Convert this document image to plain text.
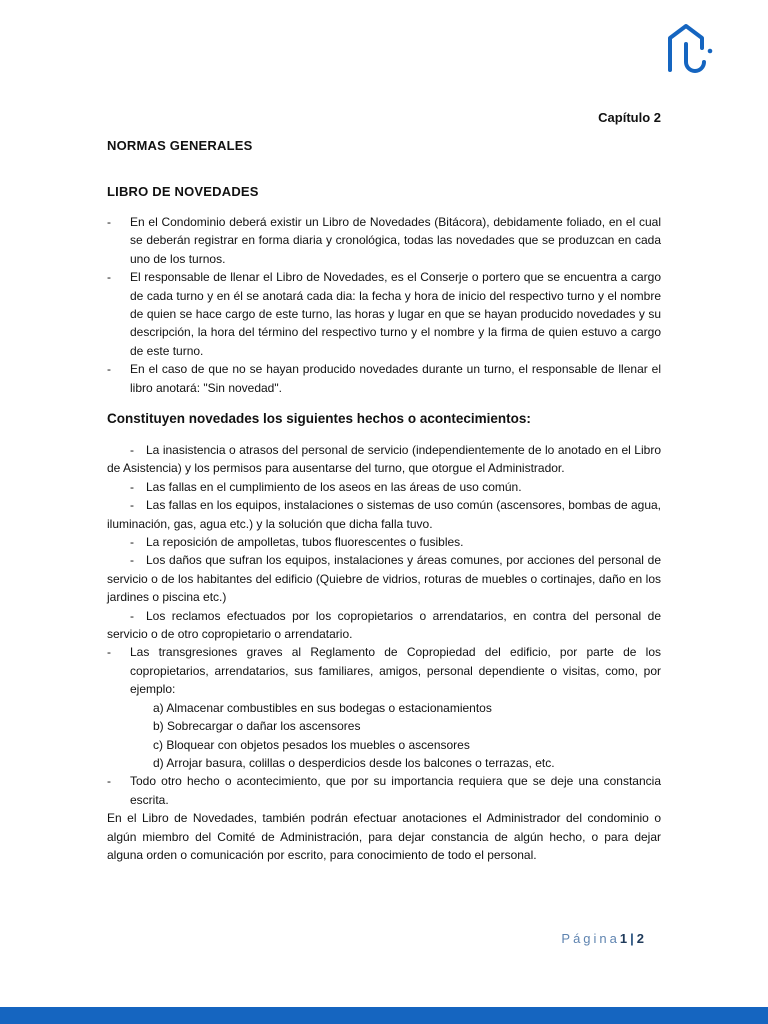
Capítulo 2
NORMAS GENERALES
LIBRO DE NOVEDADES
- En el Condominio deberá existir un Libro de Novedades (Bitácora), debidamente foliado, en el cual se deberán registrar en forma diaria y cronológica, todas las novedades que se produzcan en cada uno de los turnos.
- El responsable de llenar el Libro de Novedades, es el Conserje o portero que se encuentra a cargo de cada turno y en él se anotará cada dia: la fecha y hora de inicio del respectivo turno y el nombre de quien se hace cargo de este turno, las horas y lugar en que se hayan producido novedades y su descripción, la hora del término del respectivo turno y el nombre y la firma de quien estuvo a cargo de este turno.
- En el caso de que no se hayan producido novedades durante un turno, el responsable de llenar el libro anotará: "Sin novedad".
Constituyen novedades los siguientes hechos o acontecimientos:
- La inasistencia o atrasos del personal de servicio (independientemente de lo anotado en el Libro de Asistencia) y los permisos para ausentarse del turno, que otorgue el Administrador.
- Las fallas en el cumplimiento de los aseos en las áreas de uso común.
- Las fallas en los equipos, instalaciones o sistemas de uso común (ascensores, bombas de agua, iluminación, gas, agua etc.) y la solución que dicha falla tuvo.
- La reposición de ampolletas, tubos fluorescentes o fusibles.
- Los daños que sufran los equipos, instalaciones y áreas comunes, por acciones del personal de servicio o de los habitantes del edificio (Quiebre de vidrios, roturas de muebles o cortinajes, daño en los jardines o piscina etc.)
- Los reclamos efectuados por los copropietarios o arrendatarios, en contra del personal de servicio o de otro copropietario o arrendatario.
- Las transgresiones graves al Reglamento de Copropiedad del edificio, por parte de los copropietarios, arrendatarios, sus familiares, amigos, personal dependiente o visitas, como, por ejemplo:
a) Almacenar combustibles en sus bodegas o estacionamientos
b) Sobrecargar o dañar los ascensores
c) Bloquear con objetos pesados los muebles o ascensores
d) Arrojar basura, colillas o desperdicios desde los balcones o terrazas, etc.
- Todo otro hecho o acontecimiento, que por su importancia requiera que se deje una constancia escrita.
En el Libro de Novedades, también podrán efectuar anotaciones el Administrador del condominio o algún miembro del Comité de Administración, para dejar constancia de algún hecho, o para dejar alguna orden o comunicación por escrito, para conocimiento de todo el personal.
Página1 | 2
